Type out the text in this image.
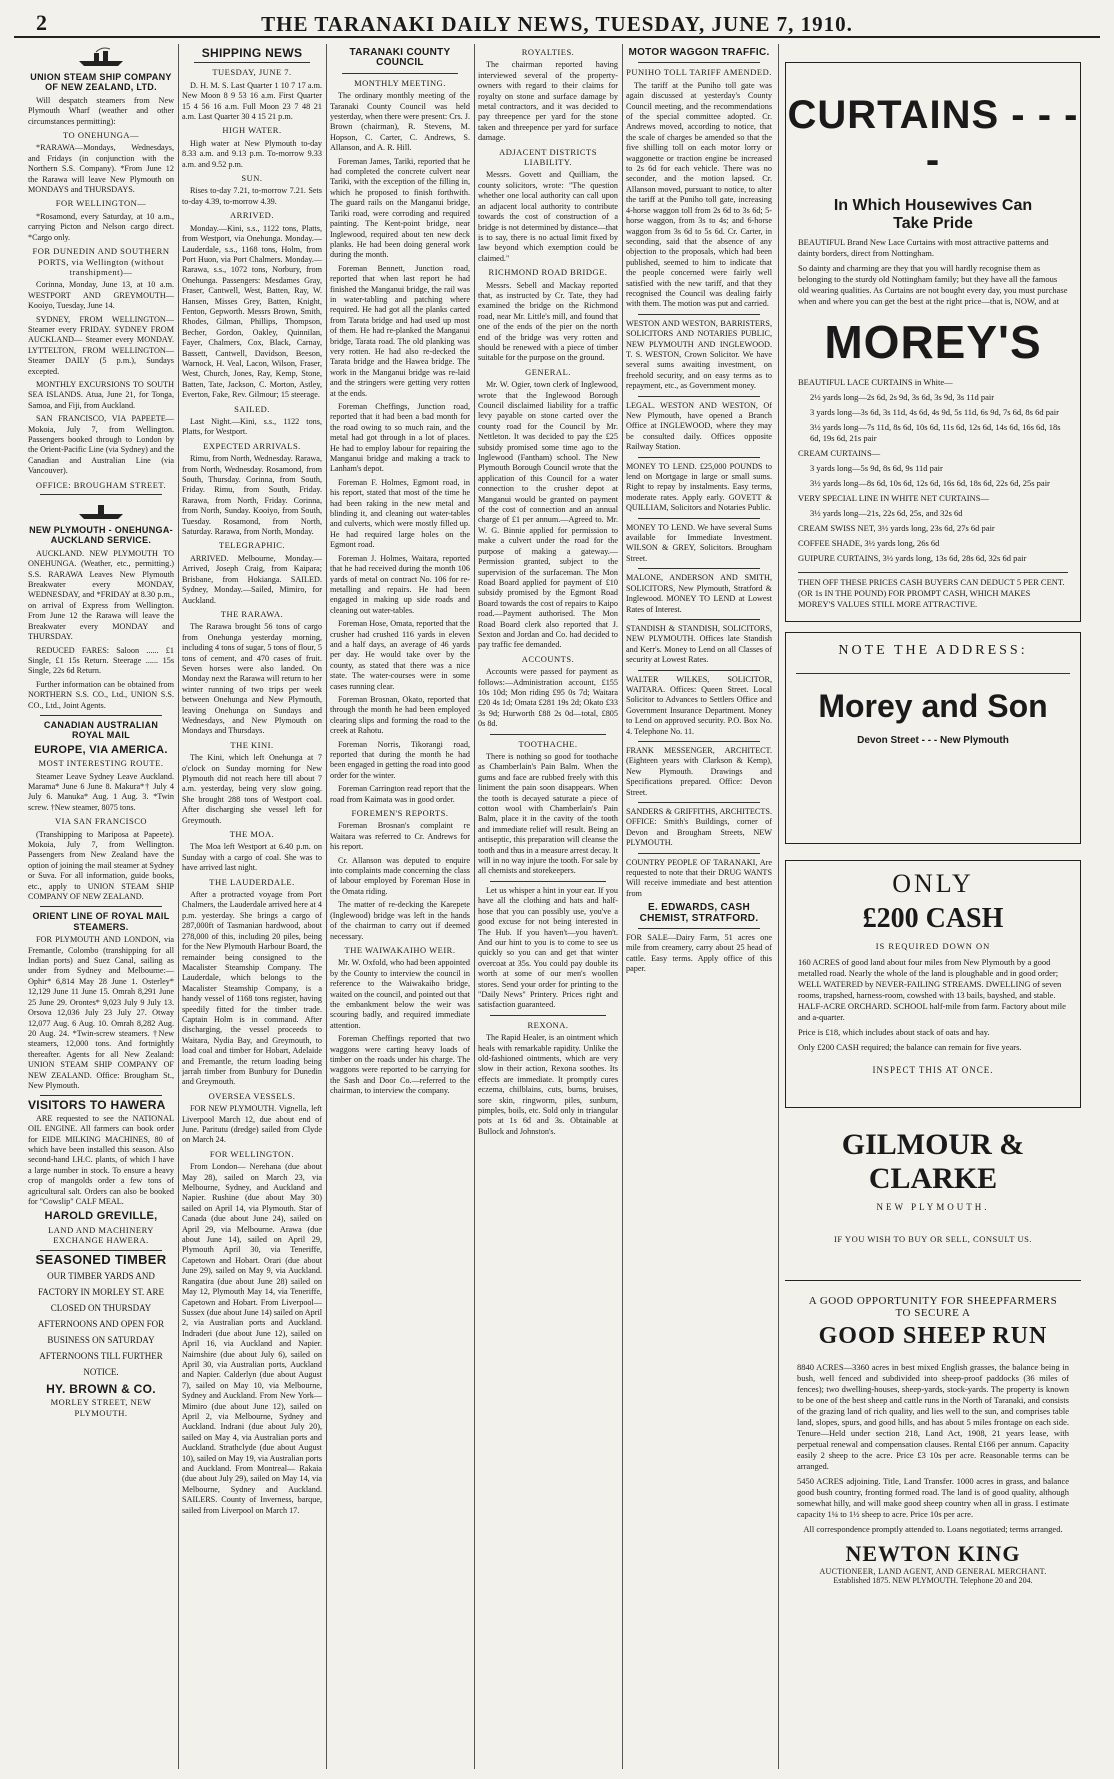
2	THE TARANAKI DAILY NEWS, TUESDAY, JUNE 7, 1910.
UNION STEAM SHIP COMPANY OF NEW ZEALAND, LTD.

Will despatch steamers from New Plymouth Wharf (weather and other circumstances permitting):

TO ONEHUNGA—

*RARAWA—Mondays, Wednesdays, and Fridays (in conjunction with the Northern S.S. Company). *From June 12 the Rarawa will leave New Plymouth on MONDAYS and THURSDAYS.

FOR WELLINGTON—

*Rosamond, every Saturday, at 10 a.m., carrying Picton and Nelson cargo direct. *Cargo only.

FOR DUNEDIN AND SOUTHERN PORTS, via Wellington (without transhipment)—

Corinna, Monday, June 13, at 10 a.m. WESTPORT AND GREYMOUTH— Kooiyo, Tuesday, June 14.

SYDNEY, FROM WELLINGTON— Steamer every FRIDAY. SYDNEY FROM AUCKLAND— Steamer every MONDAY. LYTTELTON, FROM WELLINGTON— Steamer DAILY (5 p.m.), Sundays excepted.

MONTHLY EXCURSIONS TO SOUTH SEA ISLANDS. Atua, June 21, for Tonga, Samoa, and Fiji, from Auckland.

SAN FRANCISCO, VIA PAPEETE— Mokoia, July 7, from Wellington. Passengers booked through to London by the Orient-Pacific Line (via Sydney) and the Canadian and Australian Line (via Vancouver).

OFFICE: BROUGHAM STREET.
NEW PLYMOUTH - ONEHUNGA-AUCKLAND SERVICE.

AUCKLAND. NEW PLYMOUTH TO ONEHUNGA. (Weather, etc., permitting.) S.S. RARAWA Leaves New Plymouth Breakwater every MONDAY, WEDNESDAY, and *FRIDAY at 8.30 p.m., on arrival of Express from Wellington. From June 12 the Rarawa will leave the Breakwater every MONDAY and THURSDAY.

REDUCED FARES: Saloon ...... £1 Single, £1 15s Return. Steerage ...... 15s Single, 22s 6d Return.

Further information can be obtained from NORTHERN S.S. CO., Ltd., UNION S.S. CO., Ltd., Joint Agents.

CANADIAN AUSTRALIAN ROYAL MAIL
EUROPE, VIA AMERICA.
MOST INTERESTING ROUTE.

Steamer Leave Sydney Leave Auckland. Marama* June 6 June 8. Makura*† July 4 July 6. Manuka* Aug. 1 Aug. 3. *Twin screw. †New steamer, 8075 tons.

VIA SAN FRANCISCO

(Transhipping to Mariposa at Papeete). Mokoia, July 7, from Wellington. Passengers from New Zealand have the option of joining the mail steamer at Sydney or Suva. For all information, guide books, etc., apply to UNION STEAM SHIP COMPANY OF NEW ZEALAND.

ORIENT LINE OF ROYAL MAIL STEAMERS.

FOR PLYMOUTH AND LONDON, via Fremantle, Colombo (transhipping for all Indian ports) and Suez Canal, sailing as under from Sydney and Melbourne:— Ophir* 6,814 May 28 June 1. Osterley* 12,129 June 11 June 15. Omrah 8,291 June 25 June 29. Orontes* 9,023 July 9 July 13. Orsova 12,036 July 23 July 27. Otway 12,077 Aug. 6 Aug. 10. Omrah 8,282 Aug. 20 Aug. 24. *Twin-screw steamers. †New steamers, 12,000 tons. And fortnightly thereafter. Agents for all New Zealand: UNION STEAM SHIP COMPANY OF NEW ZEALAND. Office: Brougham St., New Plymouth.

VISITORS TO HAWERA

ARE requested to see the NATIONAL OIL ENGINE. All farmers can book order for EIDE MILKING MACHINES, 80 of which have been installed this season. Also second-hand I.H.C. plants, of which I have a large number in stock. To ensure a heavy crop of mangolds order a few tons of agricultural salt. Orders can also be booked for "Cowslip" CALF MEAL.

HAROLD GREVILLE,
LAND AND MACHINERY EXCHANGE HAWERA.
SEASONED TIMBER

OUR TIMBER YARDS AND FACTORY IN MORLEY ST. ARE CLOSED ON THURSDAY AFTERNOONS AND OPEN FOR BUSINESS ON SATURDAY AFTERNOONS TILL FURTHER NOTICE.

HY. BROWN & CO.
MORLEY STREET, NEW PLYMOUTH.
SHIPPING NEWS
TUESDAY, JUNE 7.

D. H. M. S. Last Quarter 1 10 7 17 a.m. New Moon 8 9 53 16 a.m. First Quarter 15 4 56 16 a.m. Full Moon 23 7 48 21 a.m. Last Quarter 30 4 15 21 p.m.

HIGH WATER.

High water at New Plymouth to-day 8.33 a.m. and 9.13 p.m. To-morrow 9.33 a.m. and 9.52 p.m.

SUN.

Rises to-day 7.21, to-morrow 7.21. Sets to-day 4.39, to-morrow 4.39.

ARRIVED.

Monday.—Kini, s.s., 1122 tons, Platts, from Westport, via Onehunga. Monday.—Lauderdale, s.s., 1168 tons, Holm, from Port Huon, via Port Chalmers. Monday.—Rarawa, s.s., 1072 tons, Norbury, from Onehunga. Passengers: Mesdames Gray, Fraser, Cantwell, West, Batten, Ray, W. Hansen, Misses Grey, Batten, Knight, Fenton, Gepworth. Messrs Brown, Smith, Rhodes, Gilman, Phillips, Thompson, Becher, Gordon, Oakley, Quinnilan, Fayer, Chalmers, Cox, Black, Carnay, Bassett, Cantwell, Davidson, Beeson, Warnock, H. Veal, Lacon, Wilson, Fraser, West, Church, Jones, Ray, Kemp, Stone, Batten, Tate, Jackson, C. Morton, Astley, Everton, Fake, Rev. Gilmour; 15 steerage.

SAILED.

Last Night.—Kini, s.s., 1122 tons, Platts, for Westport.

EXPECTED ARRIVALS.

Rimu, from North, Wednesday. Rarawa, from North, Wednesday. Rosamond, from South, Thursday. Corinna, from South, Friday. Rimu, from South, Friday. Rarawa, from North, Friday. Corinna, from North, Sunday. Kooiyo, from South, Tuesday. Rosamond, from North, Saturday. Rarawa, from North, Monday.

TELEGRAPHIC.

ARRIVED. Melbourne, Monday.—Arrived, Joseph Craig, from Kaipara; Brisbane, from Hokianga. SAILED. Sydney, Monday.—Sailed, Mimiro, for Auckland.

THE RARAWA.

The Rarawa brought 56 tons of cargo from Onehunga yesterday morning, including 4 tons of sugar, 5 tons of flour, 5 tons of cement, and 470 cases of fruit. Seven horses were also landed. On Monday next the Rarawa will return to her winter running of two trips per week between Onehunga and New Plymouth, leaving Onehunga on Sundays and Wednesdays, and New Plymouth on Mondays and Thursdays.

THE KINI.

The Kini, which left Onehunga at 7 o'clock on Sunday morning for New Plymouth did not reach here till about 7 a.m. yesterday, being very slow going. She brought 288 tons of Westport coal. After discharging she vessel left for Greymouth.

THE MOA.

The Moa left Westport at 6.40 p.m. on Sunday with a cargo of coal. She was to have arrived last night.

THE LAUDERDALE.

After a protracted voyage from Port Chalmers, the Lauderdale arrived here at 4 p.m. yesterday. She brings a cargo of 287,000ft of Tasmanian hardwood, about 278,000 of this, including 20 piles, being for the New Plymouth Harbour Board, the remainder being consigned to the Macalister Steamship Company. The Lauderdale, which belongs to the Macalister Steamship Company, is a handy vessel of 1168 tons register, having speedily fitted for the timber trade. Captain Holm is in command. After discharging, the vessel proceeds to Waitara, Nydia Bay, and Greymouth, to load coal and timber for Hobart, Adelaide and Fremantle, the return loading being jarrah timber from Bunbury for Dunedin and Greymouth.

OVERSEA VESSELS.

FOR NEW PLYMOUTH. Vignella, left Liverpool March 12, due about end of June. Paritutu (dredge) sailed from Clyde on March 24.

FOR WELLINGTON.

From London— Nerehana (due about May 28), sailed on March 23, via Melbourne, Sydney, and Auckland and Napier. Rushine (due about May 30) sailed on April 14, via Plymouth. Star of Canada (due about June 24), sailed on April 29, via Melbourne. Arawa (due about June 14), sailed on April 29, Plymouth April 30, via Teneriffe, Capetown and Hobart. Orari (due about June 29), sailed on May 9, via Auckland. Rangatira (due about June 28) sailed on May 12, Plymouth May 14, via Teneriffe, Capetown and Hobart. From Liverpool— Sussex (due about June 14) sailed on April 2, via Australian ports and Auckland. Indraderi (due about June 12), sailed on April 16, via Auckland and Napier. Nairnshire (due about July 6), sailed on April 30, via Australian ports, Auckland and Napier. Calderlyn (due about August 7), sailed on May 10, via Melbourne, Sydney and Auckland. From New York— Mimiro (due about June 12), sailed on April 2, via Melbourne, Sydney and Auckland. Indrani (due about July 20), sailed on May 4, via Australian ports and Auckland. Strathclyde (due about August 10), sailed on May 19, via Australian ports and Auckland. From Montreal— Rakaia (due about July 29), sailed on May 14, via Melbourne, Sydney and Auckland. SAILERS. County of Inverness, barque, sailed from Liverpool on March 17.

TARANAKI COUNTY COUNCIL
MONTHLY MEETING.

The ordinary monthly meeting of the Taranaki County Council was held yesterday, when there were present: Crs. J. Brown (chairman), R. Stevens, M. Hopson, C. Carter, C. Andrews, S. Allanson, and A. R. Hill.

Foreman James, Tariki, reported that he had completed the concrete culvert near Tariki, with the exception of the filling in, which he proposed to finish forthwith. The guard rails on the Manganui bridge, Tariki road, were corroding and required painting. The Kent-point bridge, near Inglewood, required about ten new deck planks. He had been doing general work during the month.

Foreman Bennett, Junction road, reported that when last report he had finished the Manganui bridge, the rail was in water-tabling and patching where required. He had got all the planks carted from Tarata bridge and had used up most of them. He had re-planked the Manganui bridge, Tarata road. The old planking was very rotten. He had also re-decked the Tarata bridge and the Hawea bridge. The work in the Manganui bridge was re-laid and the stringers were getting very rotten at the ends.

Foreman Cheffings, Junction road, reported that it had been a bad month for the road owing to so much rain, and the metal had got through in a lot of places. He had to employ labour for repairing the Manganui bridge and making a track to Lanham's depot.

Foreman F. Holmes, Egmont road, in his report, stated that most of the time he had been raking in the new metal and blinding it, and cleaning out water-tables and culverts, which were mostly filled up. He had required large holes on the Egmont road.

Foreman J. Holmes, Waitara, reported that he had received during the month 106 yards of metal on contract No. 106 for re-metalling and repairs. He had been engaged in making up side roads and cleaning out water-tables.

Foreman Hose, Omata, reported that the crusher had crushed 116 yards in eleven and a half days, an average of 46 yards per day. He would take over by the county, as stated that there was a nice state. The water-courses were in some cases running clear.

Foreman Brosnan, Okato, reported that through the month he had been employed clearing slips and forming the road to the creek at Rahotu.

Foreman Norris, Tikorangi road, reported that during the month he had been engaged in getting the road into good order for the winter.

Foreman Carrington read report that the road from Kaimata was in good order.

FOREMEN'S REPORTS.

Foreman Brosnan's complaint re Waitara was referred to Cr. Andrews for his report.

Cr. Allanson was deputed to enquire into complaints made concerning the class of labour employed by Foreman Hose in the Omata riding.

The matter of re-decking the Karepete (Inglewood) bridge was left in the hands of the chairman to carry out if deemed necessary.

THE WAIWAKAIHO WEIR.

Mr. W. Oxfold, who had been appointed by the County to interview the council in reference to the Waiwakaiho bridge, waited on the council, and pointed out that the embankment below the weir was scouring badly, and required immediate attention.

Foreman Cheffings reported that two waggons were carting heavy loads of timber on the roads under his charge. The waggons were reported to be carrying for the Sash and Door Co.—referred to the chairman, to interview the company.

ROYALTIES.

The chairman reported having interviewed several of the property-owners with regard to their claims for royalty on stone and surface damage by metal contractors, and it was decided to pay threepence per yard for the stone taken and threepence per yard for surface damage.

ADJACENT DISTRICTS LIABILITY.

Messrs. Govett and Quilliam, the county solicitors, wrote: "The question whether one local authority can call upon an adjacent local authority to contribute towards the cost of construction of a bridge is not determined by distance—that is to say, there is no actual limit fixed by law beyond which exemption could be claimed."

RICHMOND ROAD BRIDGE.

Messrs. Sebell and Mackay reported that, as instructed by Cr. Tate, they had examined the bridge on the Richmond road, near Mr. Little's mill, and found that one of the ends of the pier on the north end of the bridge was very rotten and should be renewed with a piece of timber suitable for the purpose on the ground.

GENERAL.

Mr. W. Ogier, town clerk of Inglewood, wrote that the Inglewood Borough Council disclaimed liability for a traffic levy payable on stone carted over the county road for the Council by Mr. Nettleton. It was decided to pay the £25 subsidy promised some time ago to the Inglewood (Fantham) school. The New Plymouth Borough Council wrote that the application of this Council for a water connection to the crusher depot at Manganui would be granted on payment of the cost of connection and an annual charge of £1 per annum.—Agreed to. Mr. W. G. Binnie applied for permission to make a culvert under the road for the purpose of making a gateway.—Permission granted, subject to the supervision of the surfaceman. The Mon Road Board applied for payment of £10 subsidy promised by the Egmont Road Board towards the cost of repairs to Kaipo road.—Payment authorised. The Mon Road Board clerk also reported that J. Sexton and Jordan and Co. had decided to pay traffic fee demanded.

ACCOUNTS.

Accounts were passed for payment as follows:—Administration account, £155 10s 10d; Mon riding £95 0s 7d; Waitara £20 4s 1d; Omata £281 19s 2d; Okato £33 3s 9d; Hurworth £88 2s 0d—total, £805 0s 8d.

TOOTHACHE.

There is nothing so good for toothache as Chamberlain's Pain Balm. When the gums and face are rubbed freely with this liniment the pain soon disappears. When the tooth is decayed saturate a piece of cotton wool with Chamberlain's Pain Balm, place it in the cavity of the tooth and immediate relief will result. Being an antiseptic, this preparation will cleanse the tooth and thus in a measure arrest decay. It will in no way injure the tooth. For sale by all chemists and storekeepers.

Let us whisper a hint in your ear. If you have all the clothing and hats and half-hose that you can possibly use, you've a good excuse for not being interested in The Hub. If you haven't—you haven't. And our hint to you is to come to see us quickly so you can and get that winter overcoat at 35s. You could pay double its worth at some of our men's woollen stores. Send your order for printing to the "Daily News" Printery. Prices right and satisfaction guaranteed.

REXONA.

The Rapid Healer, is an ointment which heals with remarkable rapidity. Unlike the old-fashioned ointments, which are very slow in their action, Rexona soothes. Its effects are immediate. It promptly cures eczema, chilblains, cuts, burns, bruises, sore skin, ringworm, piles, sunburn, pimples, boils, etc. Sold only in triangular pots at 1s 6d and 3s. Obtainable at Bullock and Johnston's.

MOTOR WAGGON TRAFFIC.
PUNIHO TOLL TARIFF AMENDED.

The tariff at the Puniho toll gate was again discussed at yesterday's County Council meeting, and the recommendations of the special committee adopted. Cr. Andrews moved, according to notice, that the scale of charges be amended so that the five shilling toll on each motor lorry or waggonette or traction engine be increased to 2s 6d for each vehicle. There was no seconder, and the motion lapsed. Cr. Allanson moved, pursuant to notice, to alter the tariff at the Puniho toll gate, increasing 4-horse waggon toll from 2s 6d to 3s 6d; 5-horse waggon, from 3s to 4s; and 6-horse waggon from 3s 6d to 5s 6d. Cr. Carter, in seconding, said that the absence of any objection to the proposals, which had been published, seemed to him to indicate that the people concerned were fairly well satisfied with the new tariff, and that they recognised the Council was dealing fairly with them. The motion was put and carried.

WESTON AND WESTON, BARRISTERS, SOLICITORS AND NOTARIES PUBLIC, NEW PLYMOUTH AND INGLEWOOD. T. S. WESTON, Crown Solicitor. We have several sums awaiting investment, on freehold security, and on easy terms as to repayment, etc., as Government money.

LEGAL. WESTON AND WESTON, Of New Plymouth, have opened a Branch Office at INGLEWOOD, where they may be consulted daily. Offices opposite Railway Station.

MONEY TO LEND. £25,000 POUNDS to lend on Mortgage in large or small sums. Right to repay by instalments. Easy terms, moderate rates. Apply early. GOVETT & QUILLIAM, Solicitors and Notaries Public.

MONEY TO LEND. We have several Sums available for Immediate Investment. WILSON & GREY, Solicitors. Brougham Street.

MALONE, ANDERSON AND SMITH, SOLICITORS, New Plymouth, Stratford & Inglewood. MONEY TO LEND at Lowest Rates of Interest.

STANDISH & STANDISH, SOLICITORS, NEW PLYMOUTH. Offices late Standish and Kerr's. Money to Lend on all Classes of security at Lowest Rates.

WALTER WILKES, SOLICITOR, WAITARA. Offices: Queen Street. Local Solicitor to Advances to Settlers Office and Government Insurance Department. Money to Lend on approved security. P.O. Box No. 4. Telephone No. 11.

FRANK MESSENGER, ARCHITECT. (Eighteen years with Clarkson & Kemp), New Plymouth. Drawings and Specifications prepared. Office: Devon Street.

SANDERS & GRIFFITHS, ARCHITECTS. OFFICE: Smith's Buildings, corner of Devon and Brougham Streets, NEW PLYMOUTH.

COUNTRY PEOPLE OF TARANAKI, Are requested to note that their DRUG WANTS Will receive immediate and best attention from

E. EDWARDS, CASH CHEMIST, STRATFORD.

FOR SALE—Dairy Farm, 51 acres one mile from creamery, carry about 25 head of cattle. Easy terms. Apply office of this paper.

CURTAINS - - - -
In Which Housewives Can Take Pride

BEAUTIFUL Brand New Lace Curtains with most attractive patterns and dainty borders, direct from Nottingham.

So dainty and charming are they that you will hardly recognise them as belonging to the sturdy old Nottingham family; but they have all the famous old wearing qualities. As Curtains are not bought every day, you must purchase when and where you can get the best at the right price—that is, NOW, and at

MOREY'S

BEAUTIFUL LACE CURTAINS in White—

2½ yards long—2s 6d, 2s 9d, 3s 6d, 3s 9d, 3s 11d pair

3 yards long—3s 6d, 3s 11d, 4s 6d, 4s 9d, 5s 11d, 6s 9d, 7s 6d, 8s 6d pair

3½ yards long—7s 11d, 8s 6d, 10s 6d, 11s 6d, 12s 6d, 14s 6d, 16s 6d, 18s 6d, 19s 6d, 21s pair

CREAM CURTAINS—

3 yards long—5s 9d, 8s 6d, 9s 11d pair

3½ yards long—8s 6d, 10s 6d, 12s 6d, 16s 6d, 18s 6d, 22s 6d, 25s pair

VERY SPECIAL LINE IN WHITE NET CURTAINS—

3½ yards long—21s, 22s 6d, 25s, and 32s 6d

CREAM SWISS NET, 3½ yards long, 23s 6d, 27s 6d pair

COFFEE SHADE, 3½ yards long, 26s 6d

GUIPURE CURTAINS, 3½ yards long, 13s 6d, 28s 6d, 32s 6d pair

THEN OFF THESE PRICES CASH BUYERS CAN DEDUCT 5 PER CENT. (OR 1s IN THE POUND) FOR PROMPT CASH, WHICH MAKES MOREY'S VALUES STILL MORE ATTRACTIVE.

NOTE THE ADDRESS:
Morey and Son
Devon Street - - - New Plymouth
ONLY
£200 CASH
IS REQUIRED DOWN ON

160 ACRES of good land about four miles from New Plymouth by a good metalled road. Nearly the whole of the land is ploughable and in good order; WELL WATERED by NEVER-FAILING STREAMS. DWELLING of seven rooms, trapshed, harness-room, cowshed with 13 bails, bayshed, and stable. HALF-ACRE ORCHARD. SCHOOL half-mile from farm. Factory about mile and a-quarter.

Price is £18, which includes about stack of oats and hay.

Only £200 CASH required; the balance can remain for five years.

INSPECT THIS AT ONCE.
GILMOUR & CLARKE
NEW PLYMOUTH.
IF YOU WISH TO BUY OR SELL, CONSULT US.
A GOOD OPPORTUNITY FOR SHEEPFARMERS TO SECURE A
GOOD SHEEP RUN

8840 ACRES—3360 acres in best mixed English grasses, the balance being in bush, well fenced and subdivided into sheep-proof paddocks (36 miles of fences); two dwelling-houses, sheep-yards, stock-yards. The property is known to be one of the best sheep and cattle runs in the North of Taranaki, and consists of the grazing land of rich quality, and lies well to the sun, and comprises table land, slopes, spurs, and good hills, and has about 5 miles frontage on each side. Tenure—Held under section 218, Land Act, 1908, 21 years lease, with perpetual renewal and compensation clauses. Rental £166 per annum. Capacity easily 2 sheep to the acre. Price £3 10s per acre. Reasonable terms can be arranged.

5450 ACRES adjoining. Title, Land Transfer. 1000 acres in grass, and balance good bush country, fronting formed road. The land is of good quality, although somewhat hilly, and will make good sheep country when all in grass. I estimate capacity 1¼ to 1½ sheep to acre. Price 10s per acre.

All correspondence promptly attended to. Loans negotiated; terms arranged.

NEWTON KING
AUCTIONEER, LAND AGENT, AND GENERAL MERCHANT.
Established 1875. NEW PLYMOUTH. Telephone 20 and 204.
